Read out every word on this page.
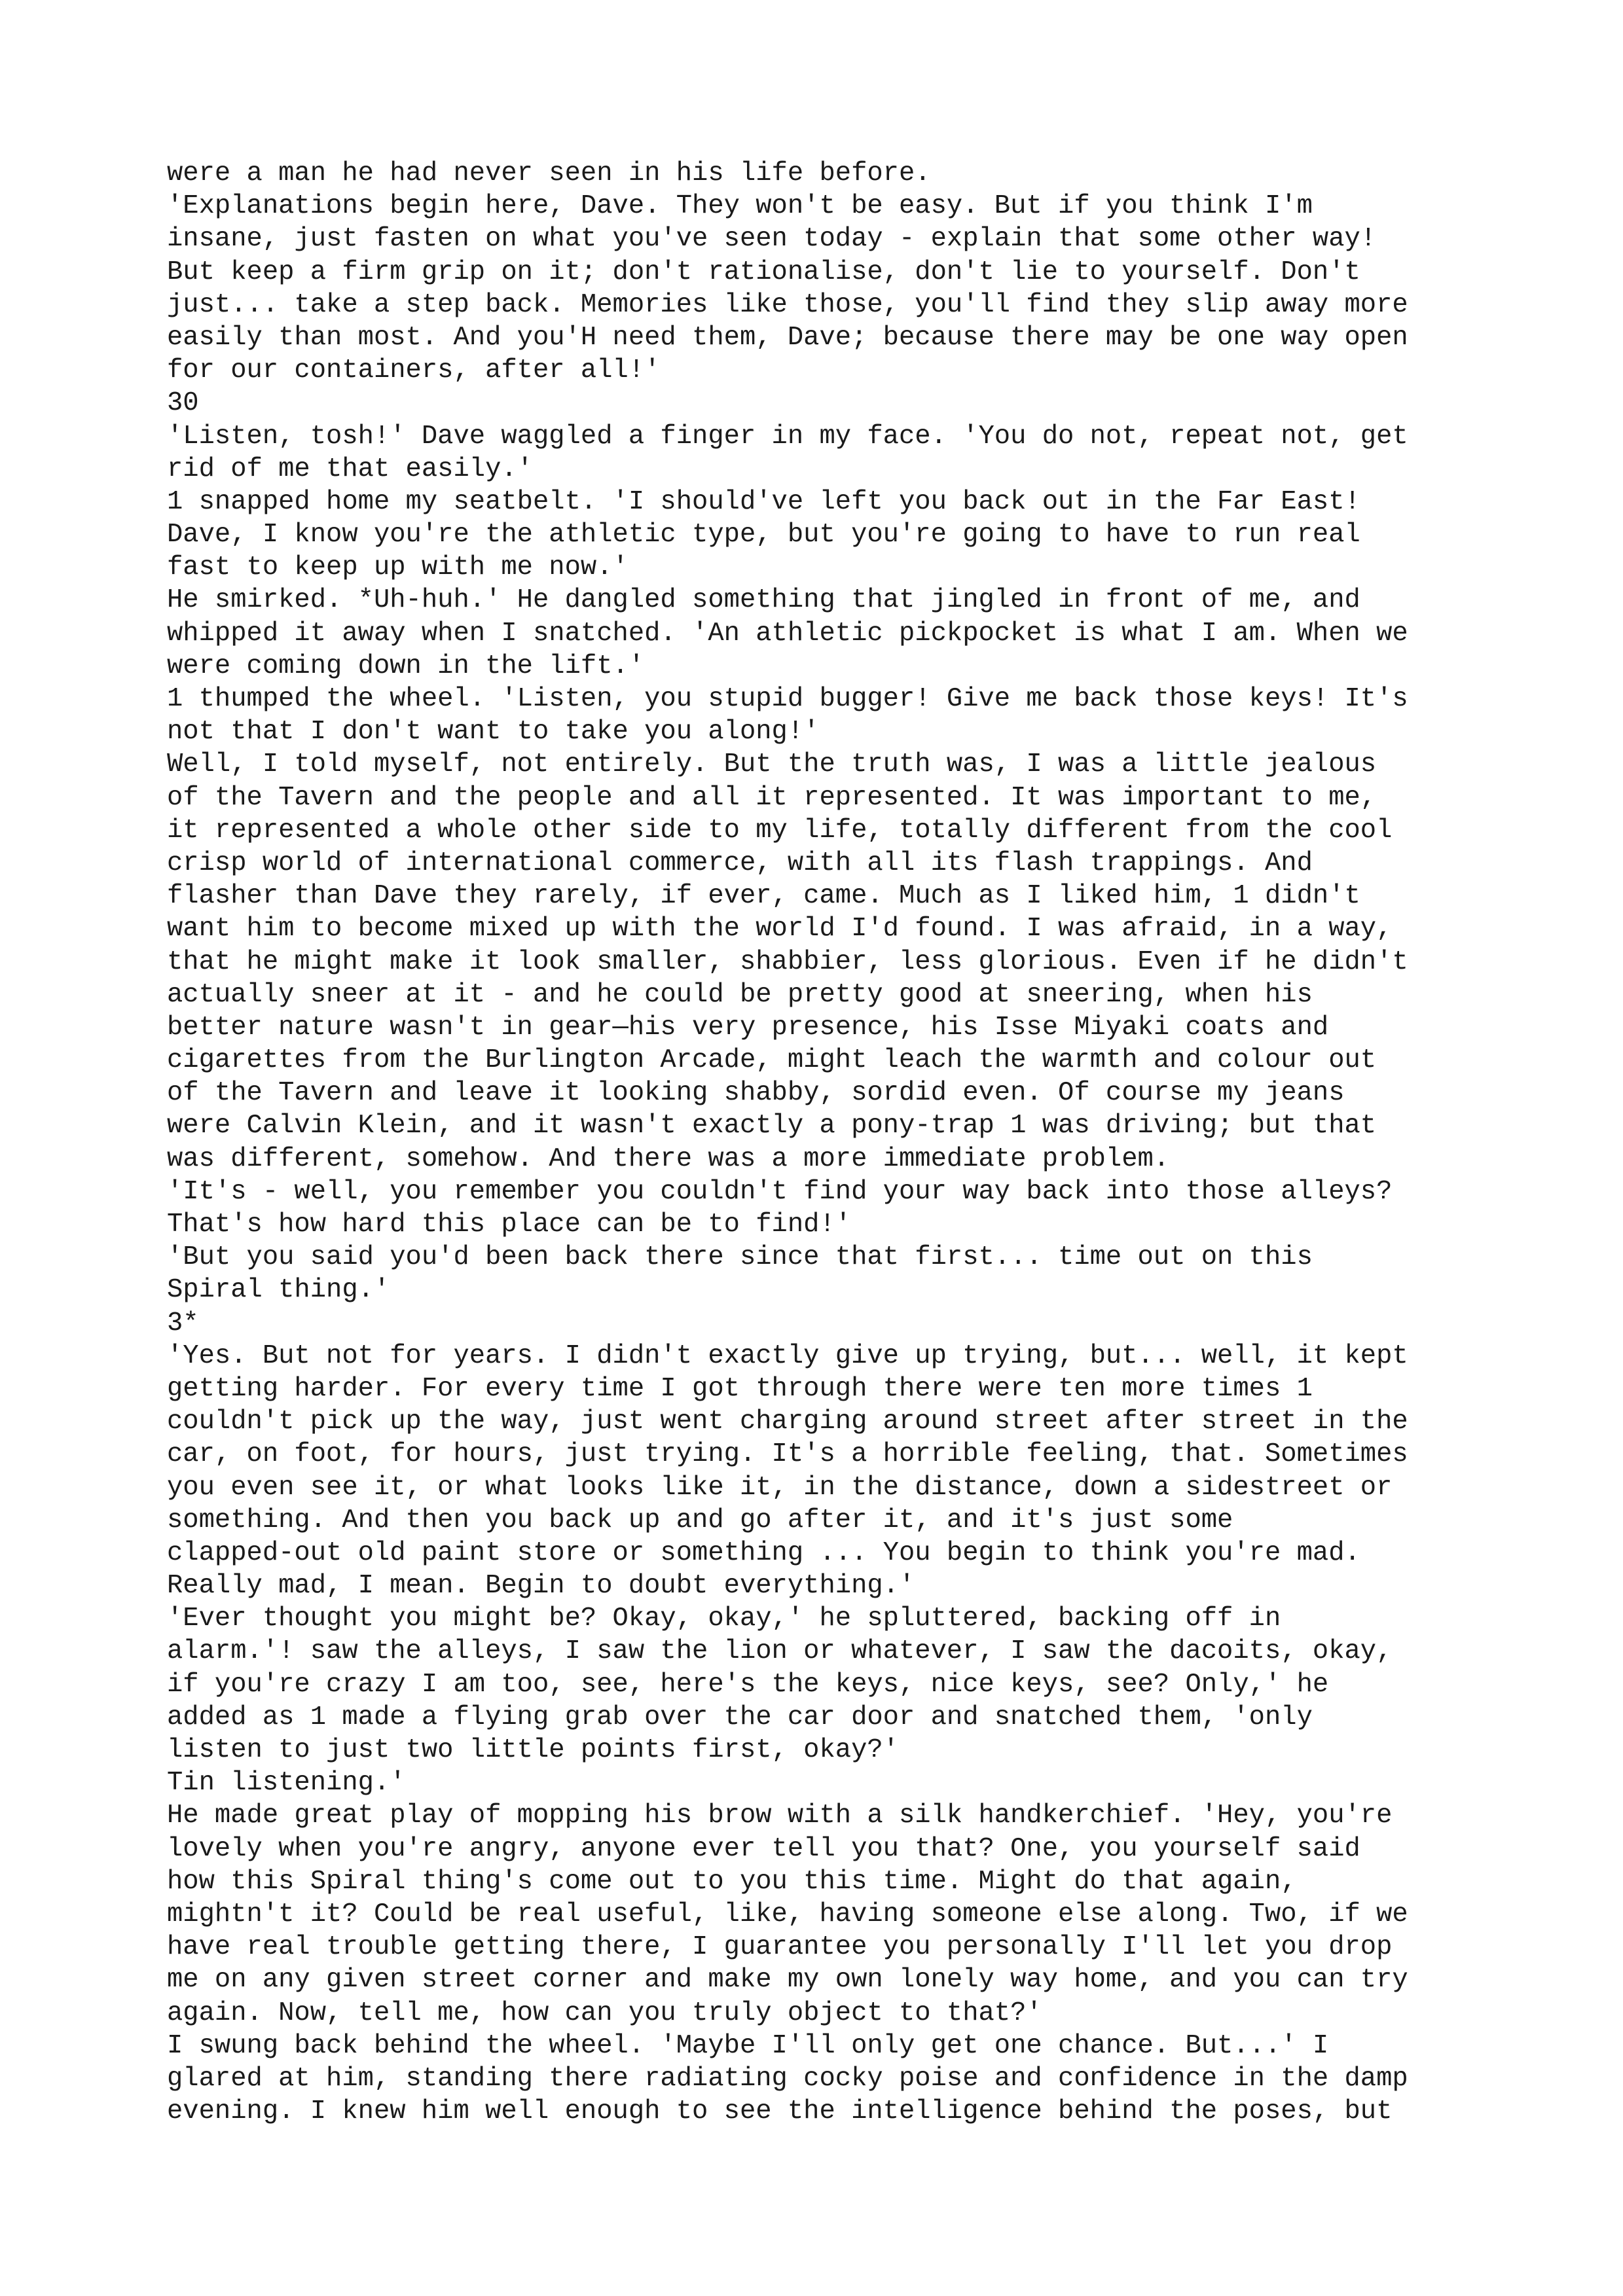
were a man he had never seen in his life before.
'Explanations begin here, Dave. They won't be easy. But if you think I'm
insane, just fasten on what you've seen today - explain that some other way!
But keep a firm grip on it; don't rationalise, don't lie to yourself. Don't
just... take a step back. Memories like those, you'll find they slip away more
easily than most. And you'H need them, Dave; because there may be one way open
for our containers, after all!'
30
'Listen, tosh!' Dave waggled a finger in my face. 'You do not, repeat not, get
rid of me that easily.'
1 snapped home my seatbelt. 'I should've left you back out in the Far East!
Dave, I know you're the athletic type, but you're going to have to run real
fast to keep up with me now.'
He smirked. *Uh-huh.' He dangled something that jingled in front of me, and
whipped it away when I snatched. 'An athletic pickpocket is what I am. When we
were coming down in the lift.'
1 thumped the wheel. 'Listen, you stupid bugger! Give me back those keys! It's
not that I don't want to take you along!'
Well, I told myself, not entirely. But the truth was, I was a little jealous
of the Tavern and the people and all it represented. It was important to me,
it represented a whole other side to my life, totally different from the cool
crisp world of international commerce, with all its flash trappings. And
flasher than Dave they rarely, if ever, came. Much as I liked him, 1 didn't
want him to become mixed up with the world I'd found. I was afraid, in a way,
that he might make it look smaller, shabbier, less glorious. Even if he didn't
actually sneer at it - and he could be pretty good at sneering, when his
better nature wasn't in gear—his very presence, his Isse Miyaki coats and
cigarettes from the Burlington Arcade, might leach the warmth and colour out
of the Tavern and leave it looking shabby, sordid even. Of course my jeans
were Calvin Klein, and it wasn't exactly a pony-trap 1 was driving; but that
was different, somehow. And there was a more immediate problem.
'It's - well, you remember you couldn't find your way back into those alleys?
That's how hard this place can be to find!'
'But you said you'd been back there since that first... time out on this
Spiral thing.'
3*
'Yes. But not for years. I didn't exactly give up trying, but... well, it kept
getting harder. For every time I got through there were ten more times 1
couldn't pick up the way, just went charging around street after street in the
car, on foot, for hours, just trying. It's a horrible feeling, that. Sometimes
you even see it, or what looks like it, in the distance, down a sidestreet or
something. And then you back up and go after it, and it's just some
clapped-out old paint store or something ... You begin to think you're mad.
Really mad, I mean. Begin to doubt everything.'
'Ever thought you might be? Okay, okay,' he spluttered, backing off in
alarm.'! saw the alleys, I saw the lion or whatever, I saw the dacoits, okay,
if you're crazy I am too, see, here's the keys, nice keys, see? Only,' he
added as 1 made a flying grab over the car door and snatched them, 'only
listen to just two little points first, okay?'
Tin listening.'
He made great play of mopping his brow with a silk handkerchief. 'Hey, you're
lovely when you're angry, anyone ever tell you that? One, you yourself said
how this Spiral thing's come out to you this time. Might do that again,
mightn't it? Could be real useful, like, having someone else along. Two, if we
have real trouble getting there, I guarantee you personally I'll let you drop
me on any given street corner and make my own lonely way home, and you can try
again. Now, tell me, how can you truly object to that?'
I swung back behind the wheel. 'Maybe I'll only get one chance. But...' I
glared at him, standing there radiating cocky poise and confidence in the damp
evening. I knew him well enough to see the intelligence behind the poses, but
